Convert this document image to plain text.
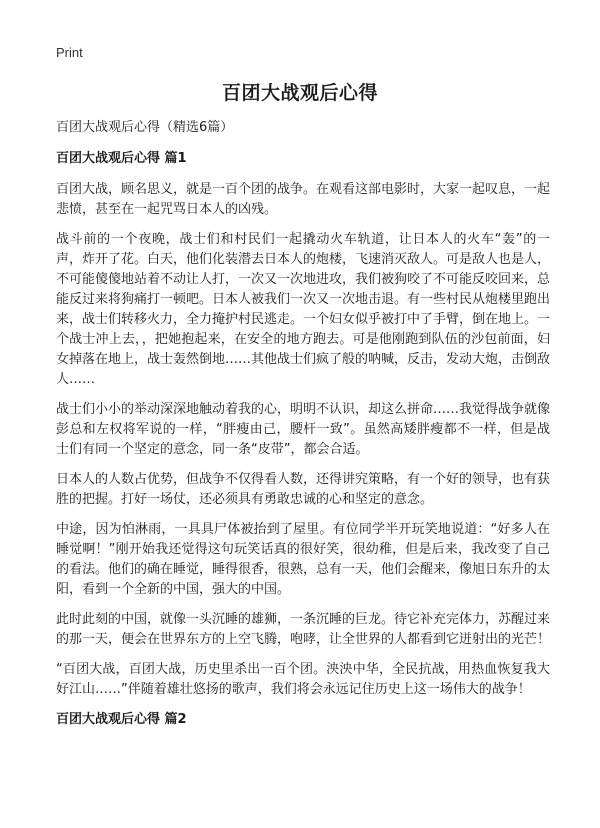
Print
百团大战观后心得

百团大战观后心得（精选6篇）

百团大战观后心得 篇1

百团大战，顾名思义，就是一百个团的战争。在观看这部电影时，大家一起叹息，一起悲愤，甚至在一起咒骂日本人的凶残。

战斗前的一个夜晚，战士们和村民们一起撬动火车轨道，让日本人的火车“轰”的一声，炸开了花。白天，他们化装潜去日本人的炮楼，飞速消灭敌人。可是敌人也是人，不可能傻傻地站着不动让人打，一次又一次地进攻，我们被狗咬了不可能反咬回来，总能反过来将狗痛打一顿吧。日本人被我们一次又一次地击退。有一些村民从炮楼里跑出来，战士们转移火力，全力掩护村民逃走。一个妇女似乎被打中了手臂，倒在地上。一个战士冲上去，，把她抱起来，在安全的地方跑去。可是他刚跑到队伍的沙包前面，妇女掉落在地上，战士轰然倒地……其他战士们疯了般的呐喊，反击，发动大炮，击倒敌人……

战士们小小的举动深深地触动着我的心，明明不认识，却这么拼命……我觉得战争就像彭总和左权将军说的一样，“胖瘦由己，腰杆一致”。虽然高矮胖瘦都不一样，但是战士们有同一个坚定的意念，同一条“皮带”，都会合适。

日本人的人数占优势，但战争不仅得看人数，还得讲究策略，有一个好的领导，也有获胜的把握。打好一场仗，还必须具有勇敢忠诚的心和坚定的意念。

中途，因为怕淋雨，一具具尸体被抬到了屋里。有位同学半开玩笑地说道：“好多人在睡觉啊！”刚开始我还觉得这句玩笑话真的很好笑，很幼稚，但是后来，我改变了自己的看法。他们的确在睡觉，睡得很香，很熟，总有一天，他们会醒来，像旭日东升的太阳，看到一个全新的中国，强大的中国。

此时此刻的中国，就像一头沉睡的雄狮，一条沉睡的巨龙。待它补充完体力，苏醒过来的那一天，便会在世界东方的上空飞腾，咆哮，让全世界的人都看到它迸射出的光芒！

“百团大战，百团大战，历史里杀出一百个团。泱泱中华，全民抗战，用热血恢复我大好江山……”伴随着雄壮悠扬的歌声，我们将会永远记住历史上这一场伟大的战争！

百团大战观后心得 篇2
